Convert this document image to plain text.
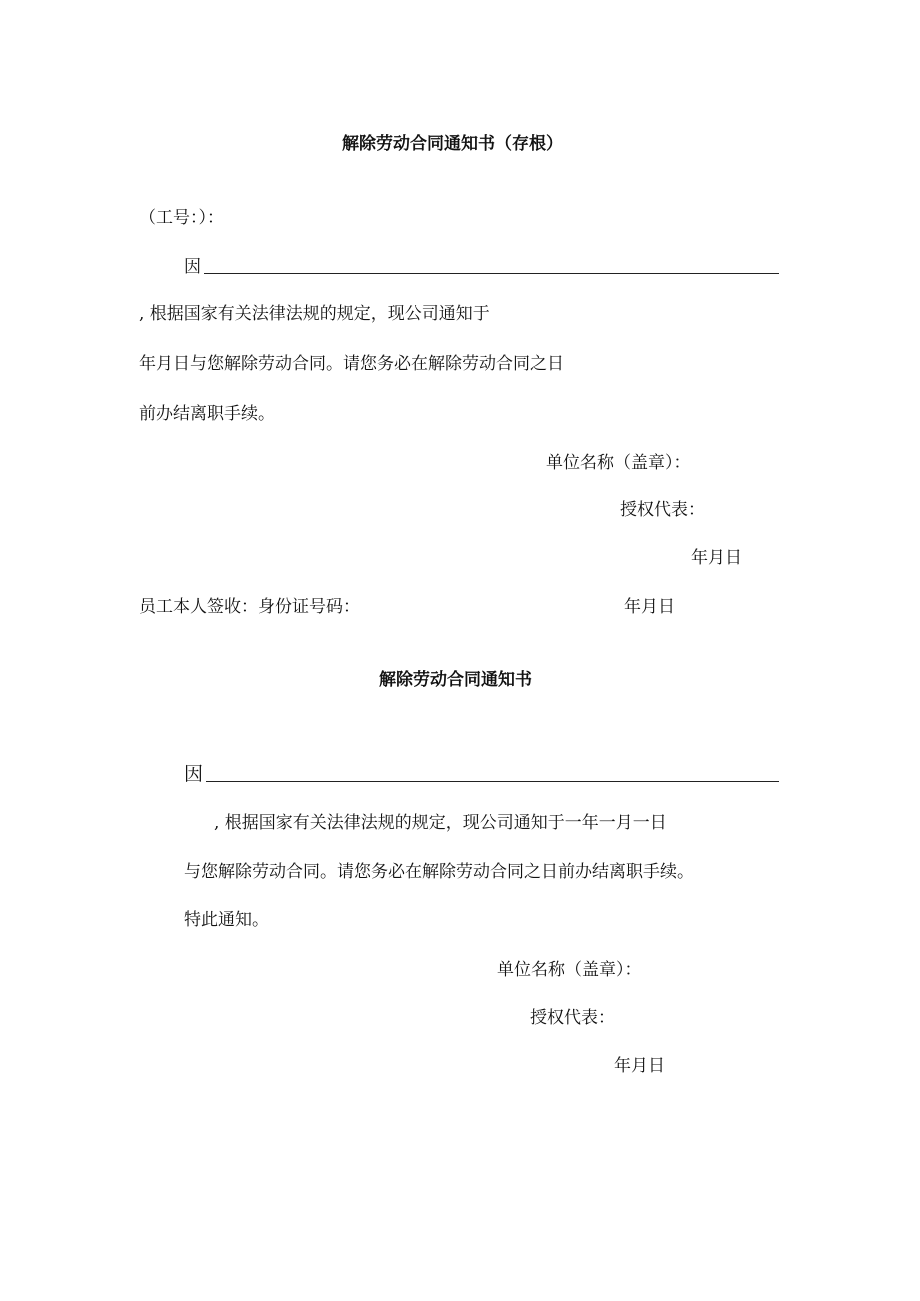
解除劳动合同通知书（存根）
（工号：）：
因
, 根据国家有关法律法规的规定，现公司通知于
年月日与您解除劳动合同。请您务必在解除劳动合同之日
前办结离职手续。
单位名称（盖章）：
授权代表：
年月日
员工本人签收：身份证号码：	年月日
解除劳动合同通知书
因
, 根据国家有关法律法规的规定，现公司通知于一年一月一日
与您解除劳动合同。请您务必在解除劳动合同之日前办结离职手续。
特此通知。
单位名称（盖章）：
授权代表：
年月日
